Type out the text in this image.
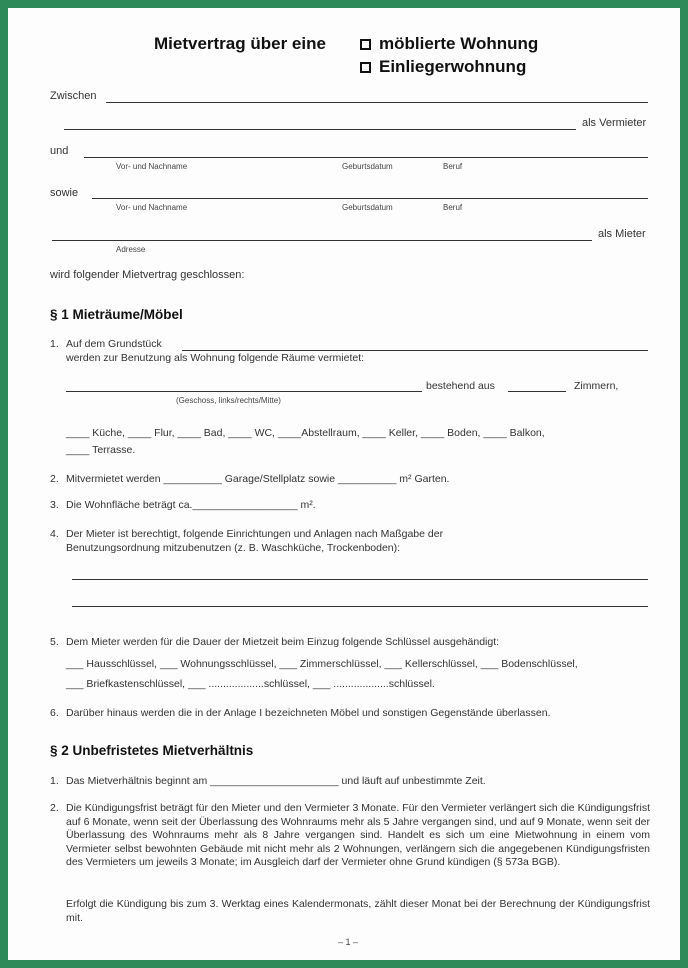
Mietvertrag über eine	möblierte Wohnung
Einliegerwohnung
Zwischen
als Vermieter
und
Vor- und Nachname	Geburtsdatum	Beruf
sowie
Vor- und Nachname	Geburtsdatum	Beruf
als Mieter
Adresse
wird folgender Mietvertrag geschlossen:
§ 1 Mieträume/Möbel
1. Auf dem Grundstück
werden zur Benutzung als Wohnung folgende Räume vermietet:
bestehend aus	Zimmern,
(Geschoss, links/rechts/Mitte)
____ Küche, ____ Flur, ____ Bad, ____ WC, ____Abstellraum, ____ Keller, ____ Boden, ____ Balkon,
____ Terrasse.
2. Mitvermietet werden __________ Garage/Stellplatz sowie __________ m² Garten.
3. Die Wohnfläche beträgt ca.__________________ m².
4. Der Mieter ist berechtigt, folgende Einrichtungen und Anlagen nach Maßgabe der
Benutzungsordnung mitzubenutzen (z. B. Waschküche, Trockenboden):
5. Dem Mieter werden für die Dauer der Mietzeit beim Einzug folgende Schlüssel ausgehändigt:
___ Hausschlüssel, ___ Wohnungsschlüssel, ___ Zimmerschlüssel, ___ Kellerschlüssel, ___ Bodenschlüssel,
___ Briefkastenschlüssel, ___ ...................schlüssel, ___ ...................schlüssel.
6. Darüber hinaus werden die in der Anlage I bezeichneten Möbel und sonstigen Gegenstände überlassen.
§ 2 Unbefristetes Mietverhältnis
1. Das Mietverhältnis beginnt am ______________________ und läuft auf unbestimmte Zeit.
2. Die Kündigungsfrist beträgt für den Mieter und den Vermieter 3 Monate. Für den Vermieter verlängert sich die Kündigungsfrist auf 6 Monate, wenn seit der Überlassung des Wohnraums mehr als 5 Jahre vergangen sind, und auf 9 Monate, wenn seit der Überlassung des Wohnraums mehr als 8 Jahre vergangen sind. Handelt es sich um eine Mietwohnung in einem vom Vermieter selbst bewohnten Gebäude mit nicht mehr als 2 Wohnungen, verlängern sich die angegebenen Kündigungsfristen des Vermieters um jeweils 3 Monate; im Ausgleich darf der Vermieter ohne Grund kündigen (§ 573a BGB).
Erfolgt die Kündigung bis zum 3. Werktag eines Kalendermonats, zählt dieser Monat bei der Berechnung der Kündigungsfrist mit.
– 1 –
